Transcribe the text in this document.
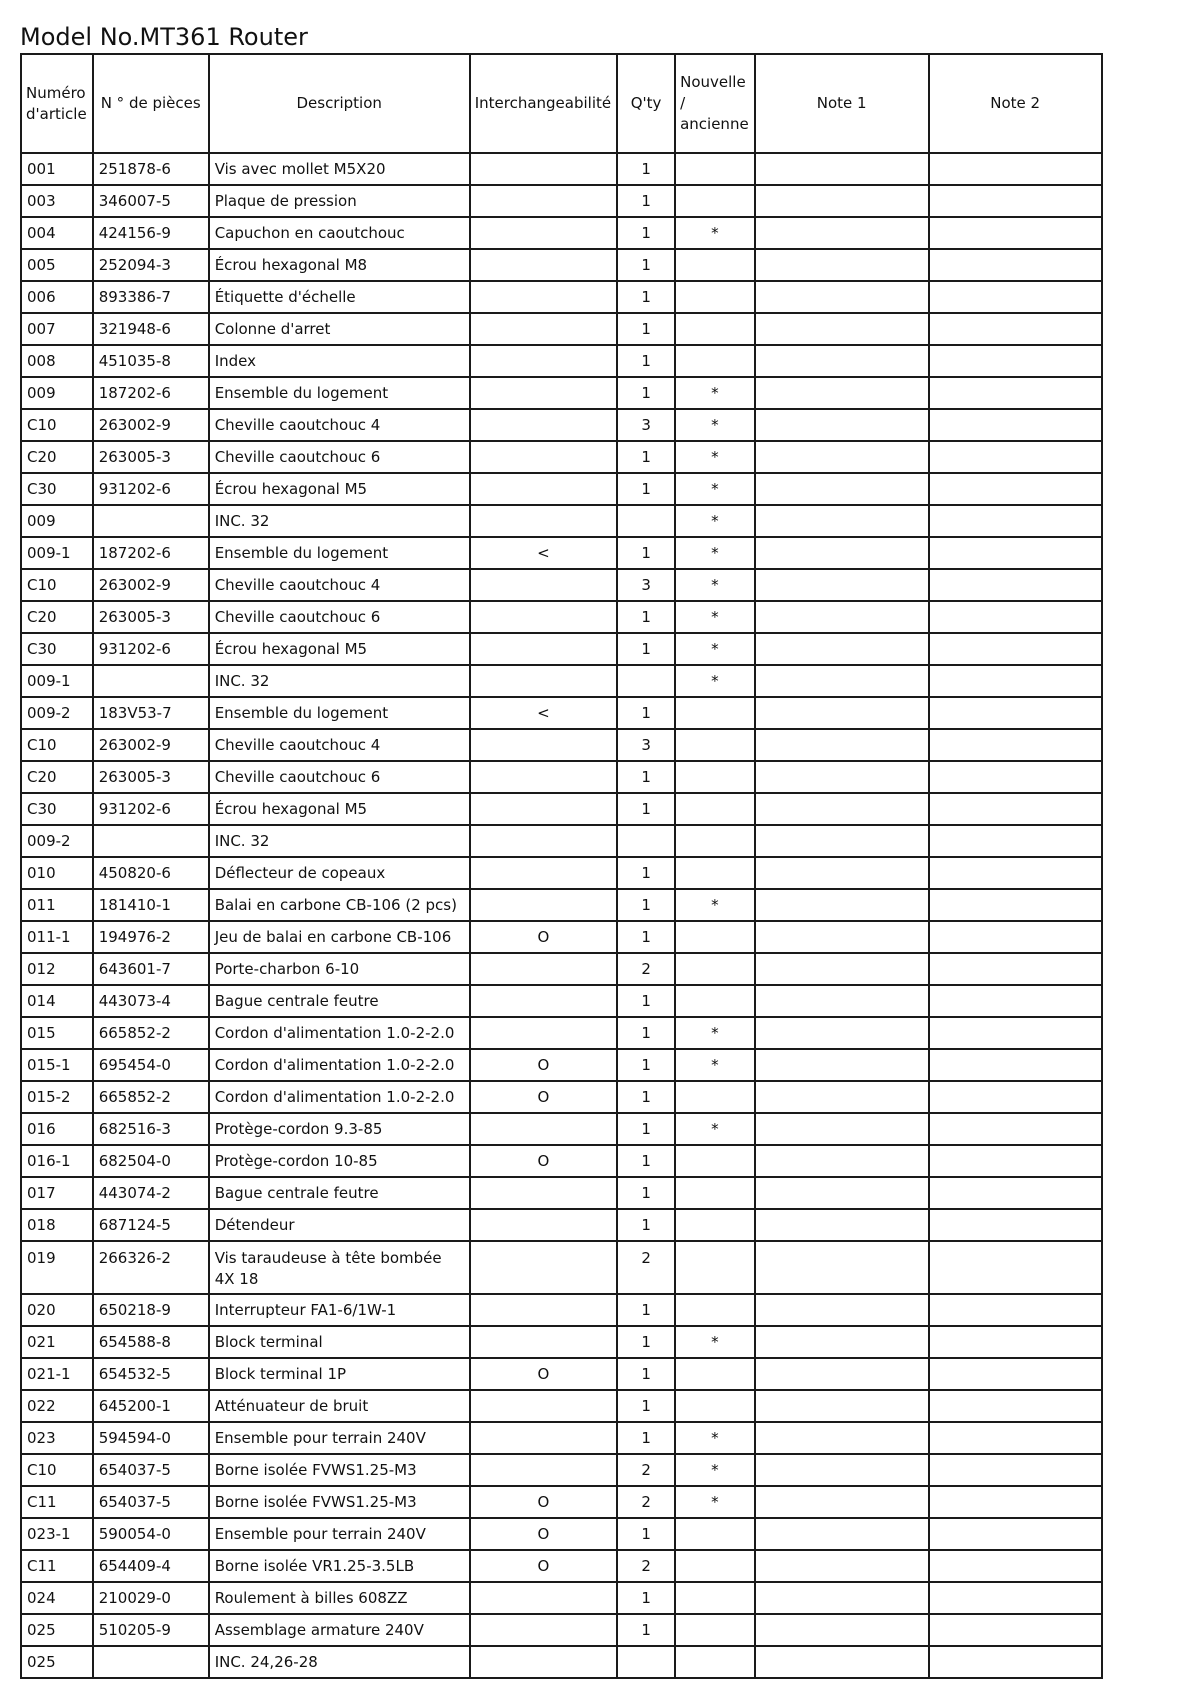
Model No.MT361 Router
Numéro d'article	N ° de pièces	Description	Interchangeabilité	Q'ty	Nouvelle / ancienne	Note 1	Note 2
001	251878-6	Vis avec mollet M5X20		1			
003	346007-5	Plaque de pression		1			
004	424156-9	Capuchon en caoutchouc		1	*		
005	252094-3	Écrou hexagonal M8		1			
006	893386-7	Étiquette d'échelle		1			
007	321948-6	Colonne d'arret		1			
008	451035-8	Index		1			
009	187202-6	Ensemble du logement		1	*		
C10	263002-9	Cheville caoutchouc 4		3	*		
C20	263005-3	Cheville caoutchouc 6		1	*		
C30	931202-6	Écrou hexagonal M5		1	*		
009		INC. 32			*		
009-1	187202-6	Ensemble du logement	<	1	*		
C10	263002-9	Cheville caoutchouc 4		3	*		
C20	263005-3	Cheville caoutchouc 6		1	*		
C30	931202-6	Écrou hexagonal M5		1	*		
009-1		INC. 32			*		
009-2	183V53-7	Ensemble du logement	<	1			
C10	263002-9	Cheville caoutchouc 4		3			
C20	263005-3	Cheville caoutchouc 6		1			
C30	931202-6	Écrou hexagonal M5		1			
009-2		INC. 32					
010	450820-6	Déflecteur de copeaux		1			
011	181410-1	Balai en carbone CB-106 (2 pcs)		1	*		
011-1	194976-2	Jeu de balai en carbone CB-106	O	1			
012	643601-7	Porte-charbon 6-10		2			
014	443073-4	Bague centrale feutre		1			
015	665852-2	Cordon d'alimentation 1.0-2-2.0		1	*		
015-1	695454-0	Cordon d'alimentation 1.0-2-2.0	O	1	*		
015-2	665852-2	Cordon d'alimentation 1.0-2-2.0	O	1			
016	682516-3	Protège-cordon 9.3-85		1	*		
016-1	682504-0	Protège-cordon 10-85	O	1			
017	443074-2	Bague centrale feutre		1			
018	687124-5	Détendeur		1			
019	266326-2	Vis taraudeuse à tête bombée 4X 18		2			
020	650218-9	Interrupteur FA1-6/1W-1		1			
021	654588-8	Block terminal		1	*		
021-1	654532-5	Block terminal 1P	O	1			
022	645200-1	Atténuateur de bruit		1			
023	594594-0	Ensemble pour terrain 240V		1	*		
C10	654037-5	Borne isolée FVWS1.25-M3		2	*		
C11	654037-5	Borne isolée FVWS1.25-M3	O	2	*		
023-1	590054-0	Ensemble pour terrain 240V	O	1			
C11	654409-4	Borne isolée VR1.25-3.5LB	O	2			
024	210029-0	Roulement à billes 608ZZ		1			
025	510205-9	Assemblage armature 240V		1			
025		INC. 24,26-28					
